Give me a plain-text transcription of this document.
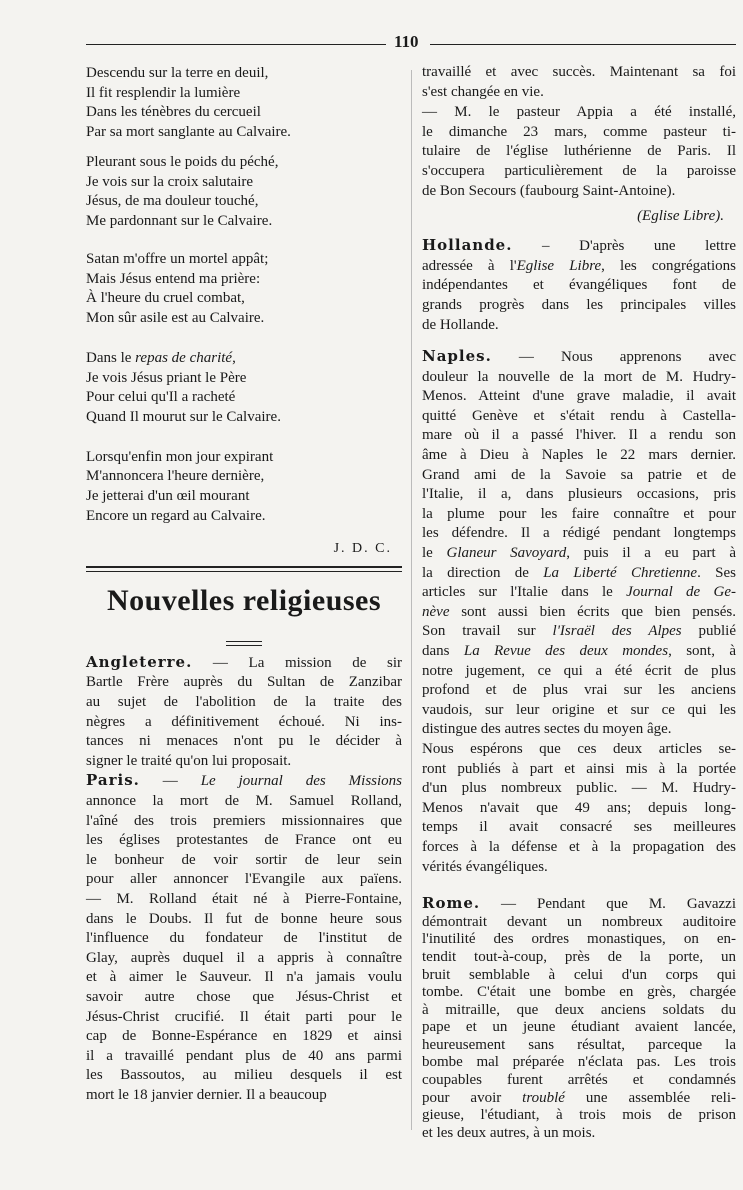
110
Descendu sur la terre en deuil,
Il fit resplendir la lumière
Dans les ténèbres du cercueil
Par sa mort sanglante au Calvaire.
Pleurant sous le poids du péché,
Je vois sur la croix salutaire
Jésus, de ma douleur touché,
Me pardonnant sur le Calvaire.
Satan m'offre un mortel appât;
Mais Jésus entend ma prière:
À l'heure du cruel combat,
Mon sûr asile est au Calvaire.
Dans le repas de charité,
Je vois Jésus priant le Père
Pour celui qu'Il a racheté
Quand Il mourut sur le Calvaire.
Lorsqu'enfin mon jour expirant
M'annoncera l'heure dernière,
Je jetterai d'un œil mourant
Encore un regard au Calvaire.
J. D. C.
Nouvelles religieuses
Angleterre. — La mission de sir
Bartle Frère auprès du Sultan de Zanzibar
au sujet de l'abolition de la traite des
nègres a définitivement échoué. Ni ins-
tances ni menaces n'ont pu le décider à
signer le traité qu'on lui proposait.
Paris. — Le journal des Missions
annonce la mort de M. Samuel Rolland,
l'aîné des trois premiers missionnaires que
les églises protestantes de France ont eu
le bonheur de voir sortir de leur sein
pour aller annoncer l'Evangile aux païens.
— M. Rolland était né à Pierre-Fontaine,
dans le Doubs. Il fut de bonne heure sous
l'influence du fondateur de l'institut de
Glay, auprès duquel il a appris à connaître
et à aimer le Sauveur. Il n'a jamais voulu
savoir autre chose que Jésus-Christ et
Jésus-Christ crucifié. Il était parti pour le
cap de Bonne-Espérance en 1829 et ainsi
il a travaillé pendant plus de 40 ans parmi
les Bassoutos, au milieu desquels il est
mort le 18 janvier dernier. Il a beaucoup
travaillé et avec succès. Maintenant sa foi
s'est changée en vie.
— M. le pasteur Appia a été installé,
le dimanche 23 mars, comme pasteur ti-
tulaire de l'église luthérienne de Paris. Il
s'occupera particulièrement de la paroisse
de Bon Secours (faubourg Saint-Antoine).
(Eglise Libre).
Hollande. – D'après une lettre
adressée à l'Eglise Libre, les congrégations
indépendantes et évangéliques font de
grands progrès dans les principales villes
de Hollande.
Naples. — Nous apprenons avec
douleur la nouvelle de la mort de M. Hudry-
Menos. Atteint d'une grave maladie, il avait
quitté Genève et s'était rendu à Castella-
mare où il a passé l'hiver. Il a rendu son
âme à Dieu à Naples le 22 mars dernier.
Grand ami de la Savoie sa patrie et de
l'Italie, il a, dans plusieurs occasions, pris
la plume pour les faire connaître et pour
les défendre. Il a rédigé pendant longtemps
le Glaneur Savoyard, puis il a eu part à
la direction de La Liberté Chretienne. Ses
articles sur l'Italie dans le Journal de Ge-
nève sont aussi bien écrits que bien pensés.
Son travail sur l'Israël des Alpes publié
dans La Revue des deux mondes, sont, à
notre jugement, ce qui a été écrit de plus
profond et de plus vrai sur les anciens
vaudois, sur leur origine et sur ce qui les
distingue des autres sectes du moyen âge.
Nous espérons que ces deux articles se-
ront publiés à part et ainsi mis à la portée
d'un plus nombreux public. — M. Hudry-
Menos n'avait que 49 ans; depuis long-
temps il avait consacré ses meilleures
forces à la défense et à la propagation des
vérités évangéliques.
Rome. — Pendant que M. Gavazzi
démontrait devant un nombreux auditoire
l'inutilité des ordres monastiques, on en-
tendit tout-à-coup, près de la porte, un
bruit semblable à celui d'un corps qui
tombe. C'était une bombe en grès, chargée
à mitraille, que deux anciens soldats du
pape et un jeune étudiant avaient lancée,
heureusement sans résultat, parceque la
bombe mal préparée n'éclata pas. Les trois
coupables furent arrêtés et condamnés
pour avoir troublé une assemblée reli-
gieuse, l'étudiant, à trois mois de prison
et les deux autres, à un mois.
